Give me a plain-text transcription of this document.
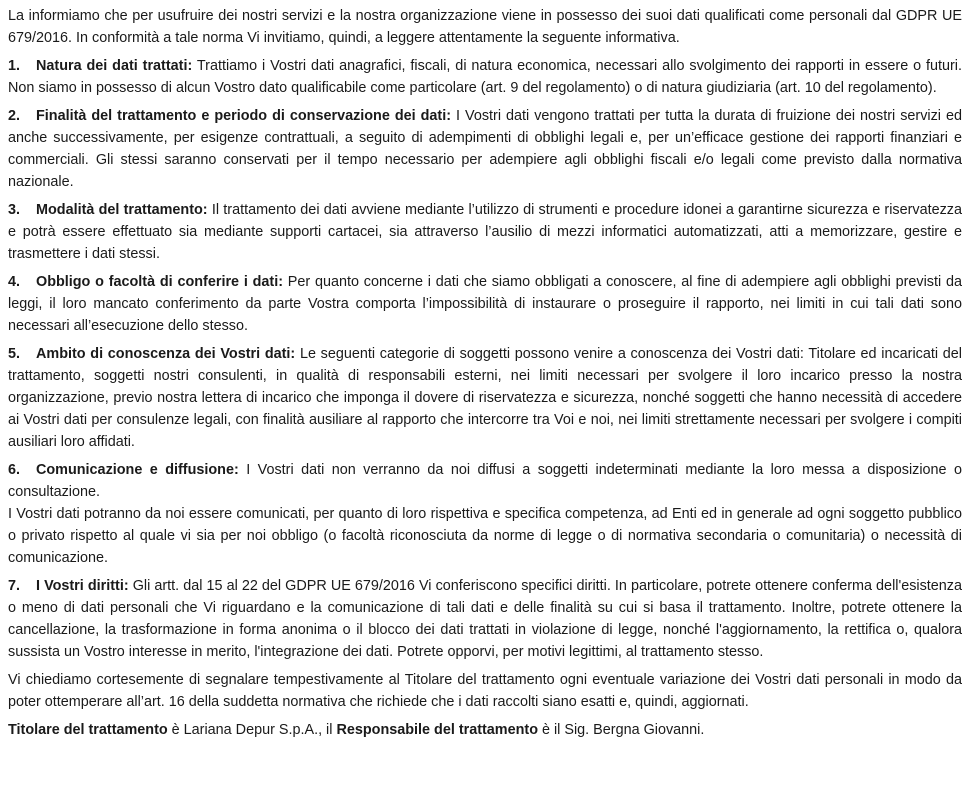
La informiamo che per usufruire dei nostri servizi e la nostra organizzazione viene in possesso dei suoi dati qualificati come personali dal GDPR UE 679/2016. In conformità a tale norma Vi invitiamo, quindi, a leggere attentamente la seguente informativa.

1. Natura dei dati trattati: Trattiamo i Vostri dati anagrafici, fiscali, di natura economica, necessari allo svolgimento dei rapporti in essere o futuri. Non siamo in possesso di alcun Vostro dato qualificabile come particolare (art. 9 del regolamento) o di natura giudiziaria (art. 10 del regolamento).

2. Finalità del trattamento e periodo di conservazione dei dati: I Vostri dati vengono trattati per tutta la durata di fruizione dei nostri servizi ed anche successivamente, per esigenze contrattuali, a seguito di adempimenti di obblighi legali e, per un’efficace gestione dei rapporti finanziari e commerciali. Gli stessi saranno conservati per il tempo necessario per adempiere agli obblighi fiscali e/o legali come previsto dalla normativa nazionale.

3. Modalità del trattamento: Il trattamento dei dati avviene mediante l’utilizzo di strumenti e procedure idonei a garantirne sicurezza e riservatezza e potrà essere effettuato sia mediante supporti cartacei, sia attraverso l’ausilio di mezzi informatici automatizzati, atti a memorizzare, gestire e trasmettere i dati stessi.

4. Obbligo o facoltà di conferire i dati: Per quanto concerne i dati che siamo obbligati a conoscere, al fine di adempiere agli obblighi previsti da leggi, il loro mancato conferimento da parte Vostra comporta l’impossibilità di instaurare o proseguire il rapporto, nei limiti in cui tali dati sono necessari all’esecuzione dello stesso.

5. Ambito di conoscenza dei Vostri dati: Le seguenti categorie di soggetti possono venire a conoscenza dei Vostri dati: Titolare ed incaricati del trattamento, soggetti nostri consulenti, in qualità di responsabili esterni, nei limiti necessari per svolgere il loro incarico presso la nostra organizzazione, previo nostra lettera di incarico che imponga il dovere di riservatezza e sicurezza, nonché soggetti che hanno necessità di accedere ai Vostri dati per consulenze legali, con finalità ausiliare al rapporto che intercorre tra Voi e noi, nei limiti strettamente necessari per svolgere i compiti ausiliari loro affidati.

6. Comunicazione e diffusione: I Vostri dati non verranno da noi diffusi a soggetti indeterminati mediante la loro messa a disposizione o consultazione.

I Vostri dati potranno da noi essere comunicati, per quanto di loro rispettiva e specifica competenza, ad Enti ed in generale ad ogni soggetto pubblico o privato rispetto al quale vi sia per noi obbligo (o facoltà riconosciuta da norme di legge o di normativa secondaria o comunitaria) o necessità di comunicazione.

7. I Vostri diritti: Gli artt. dal 15 al 22 del GDPR UE 679/2016 Vi conferiscono specifici diritti. In particolare, potrete ottenere conferma dell'esistenza o meno di dati personali che Vi riguardano e la comunicazione di tali dati e delle finalità su cui si basa il trattamento. Inoltre, potrete ottenere la cancellazione, la trasformazione in forma anonima o il blocco dei dati trattati in violazione di legge, nonché l'aggiornamento, la rettifica o, qualora sussista un Vostro interesse in merito, l'integrazione dei dati. Potrete opporvi, per motivi legittimi, al trattamento stesso.

Vi chiediamo cortesemente di segnalare tempestivamente al Titolare del trattamento ogni eventuale variazione dei Vostri dati personali in modo da poter ottemperare all’art. 16 della suddetta normativa che richiede che i dati raccolti siano esatti e, quindi, aggiornati.

Titolare del trattamento è Lariana Depur S.p.A., il Responsabile del trattamento è il Sig. Bergna Giovanni.
